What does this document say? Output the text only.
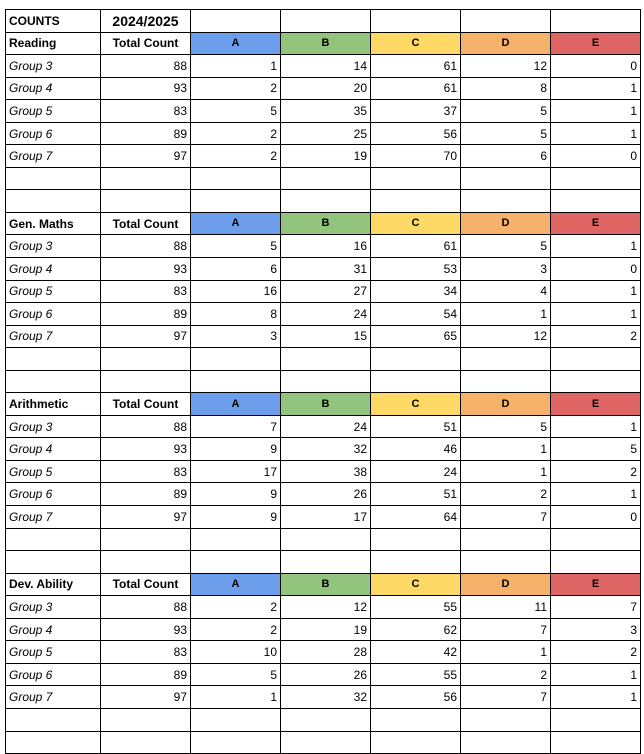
COUNTS	2024/2025
Reading	Total Count	A	B	C	D	E
Group 3	88	1	14	61	12	0
Group 4	93	2	20	61	8	1
Group 5	83	5	35	37	5	1
Group 6	89	2	25	56	5	1
Group 7	97	2	19	70	6	0
Gen. Maths	Total Count	A	B	C	D	E
Group 3	88	5	16	61	5	1
Group 4	93	6	31	53	3	0
Group 5	83	16	27	34	4	1
Group 6	89	8	24	54	1	1
Group 7	97	3	15	65	12	2
Arithmetic	Total Count	A	B	C	D	E
Group 3	88	7	24	51	5	1
Group 4	93	9	32	46	1	5
Group 5	83	17	38	24	1	2
Group 6	89	9	26	51	2	1
Group 7	97	9	17	64	7	0
Dev. Ability	Total Count	A	B	C	D	E
Group 3	88	2	12	55	11	7
Group 4	93	2	19	62	7	3
Group 5	83	10	28	42	1	2
Group 6	89	5	26	55	2	1
Group 7	97	1	32	56	7	1
